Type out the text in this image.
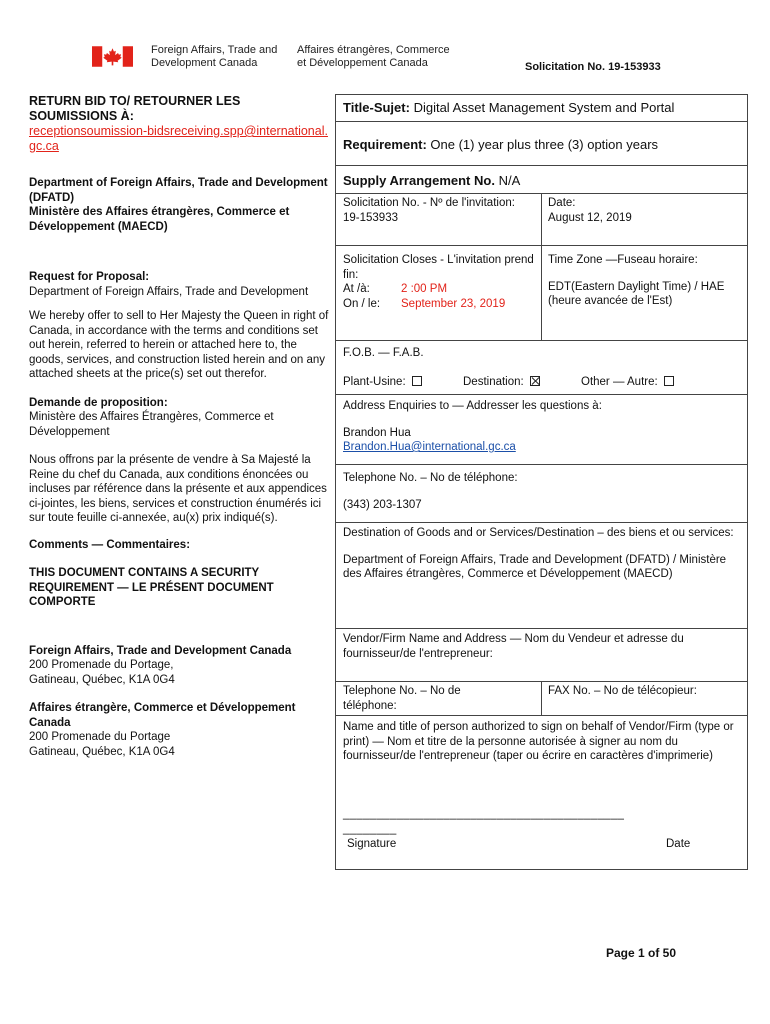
Foreign Affairs, Trade and
Development Canada
Affaires étrangères, Commerce
et Développement Canada	Solicitation No. 19-153933

RETURN BID TO/ RETOURNER LES SOUMISSIONS À:

receptionsoumission-bidsreceiving.spp@international.gc.ca

Department of Foreign Affairs, Trade and Development (DFATD)
Ministère des Affaires étrangères, Commerce et Développement (MAECD)

Request for Proposal:

Department of Foreign Affairs, Trade and Development

We hereby offer to sell to Her Majesty the Queen in right of Canada, in accordance with the terms and conditions set out herein, referred to herein or attached here to, the goods, services, and construction listed herein and on any attached sheets at the price(s) set out therefor.

Demande de proposition:

Ministère des Affaires Étrangères, Commerce et Développement

Nous offrons par la présente de vendre à Sa Majesté la Reine du chef du Canada, aux conditions énoncées ou incluses par référence dans la présente et aux appendices ci-jointes, les biens, services et construction énumérés ici sur toute feuille ci-annexée, au(x) prix indiqué(s).

Comments — Commentaires:

THIS DOCUMENT CONTAINS A SECURITY REQUIREMENT — LE PRÉSENT DOCUMENT COMPORTE

Foreign Affairs, Trade and Development Canada

200 Promenade du Portage,
Gatineau, Québec, K1A 0G4

Affaires étrangère, Commerce et Développement Canada

200 Promenade du Portage
Gatineau, Québec, K1A 0G4

Title-Sujet: Digital Asset Management System and Portal
Requirement: One (1) year plus three (3) option years
Supply Arrangement No. N/A
Solicitation No. - Nº de l'invitation:
19-153933
Date:
August 12, 2019
Solicitation Closes - L'invitation prend fin:
At /à:	2 :00 PM
On / le: September 23, 2019
Time Zone —Fuseau horaire:
EDT(Eastern Daylight Time) / HAE (heure avancée de l'Est)
F.O.B. — F.A.B.
Plant-Usine:	Destination:	Other — Autre:
Address Enquiries to — Addresser les questions à:
Brandon Hua
Brandon.Hua@international.gc.ca
Telephone No. – No de téléphone:
(343) 203-1307
Destination of Goods and or Services/Destination – des biens et ou services:
Department of Foreign Affairs, Trade and Development (DFATD) / Ministère des Affaires étrangères, Commerce et Développement (MAECD)
Vendor/Firm Name and Address — Nom du Vendeur et adresse du fournisseur/de l'entrepreneur:
Telephone No. – No de téléphone:
FAX No. – No de télécopieur:
Name and title of person authorized to sign on behalf of Vendor/Firm (type or print) — Nom et titre de la personne autorisée à signer au nom du fournisseur/de l'entrepreneur (taper ou écrire en caractères d'imprimerie)
__________________________________________________
Signature	Date
Page 1 of 50
